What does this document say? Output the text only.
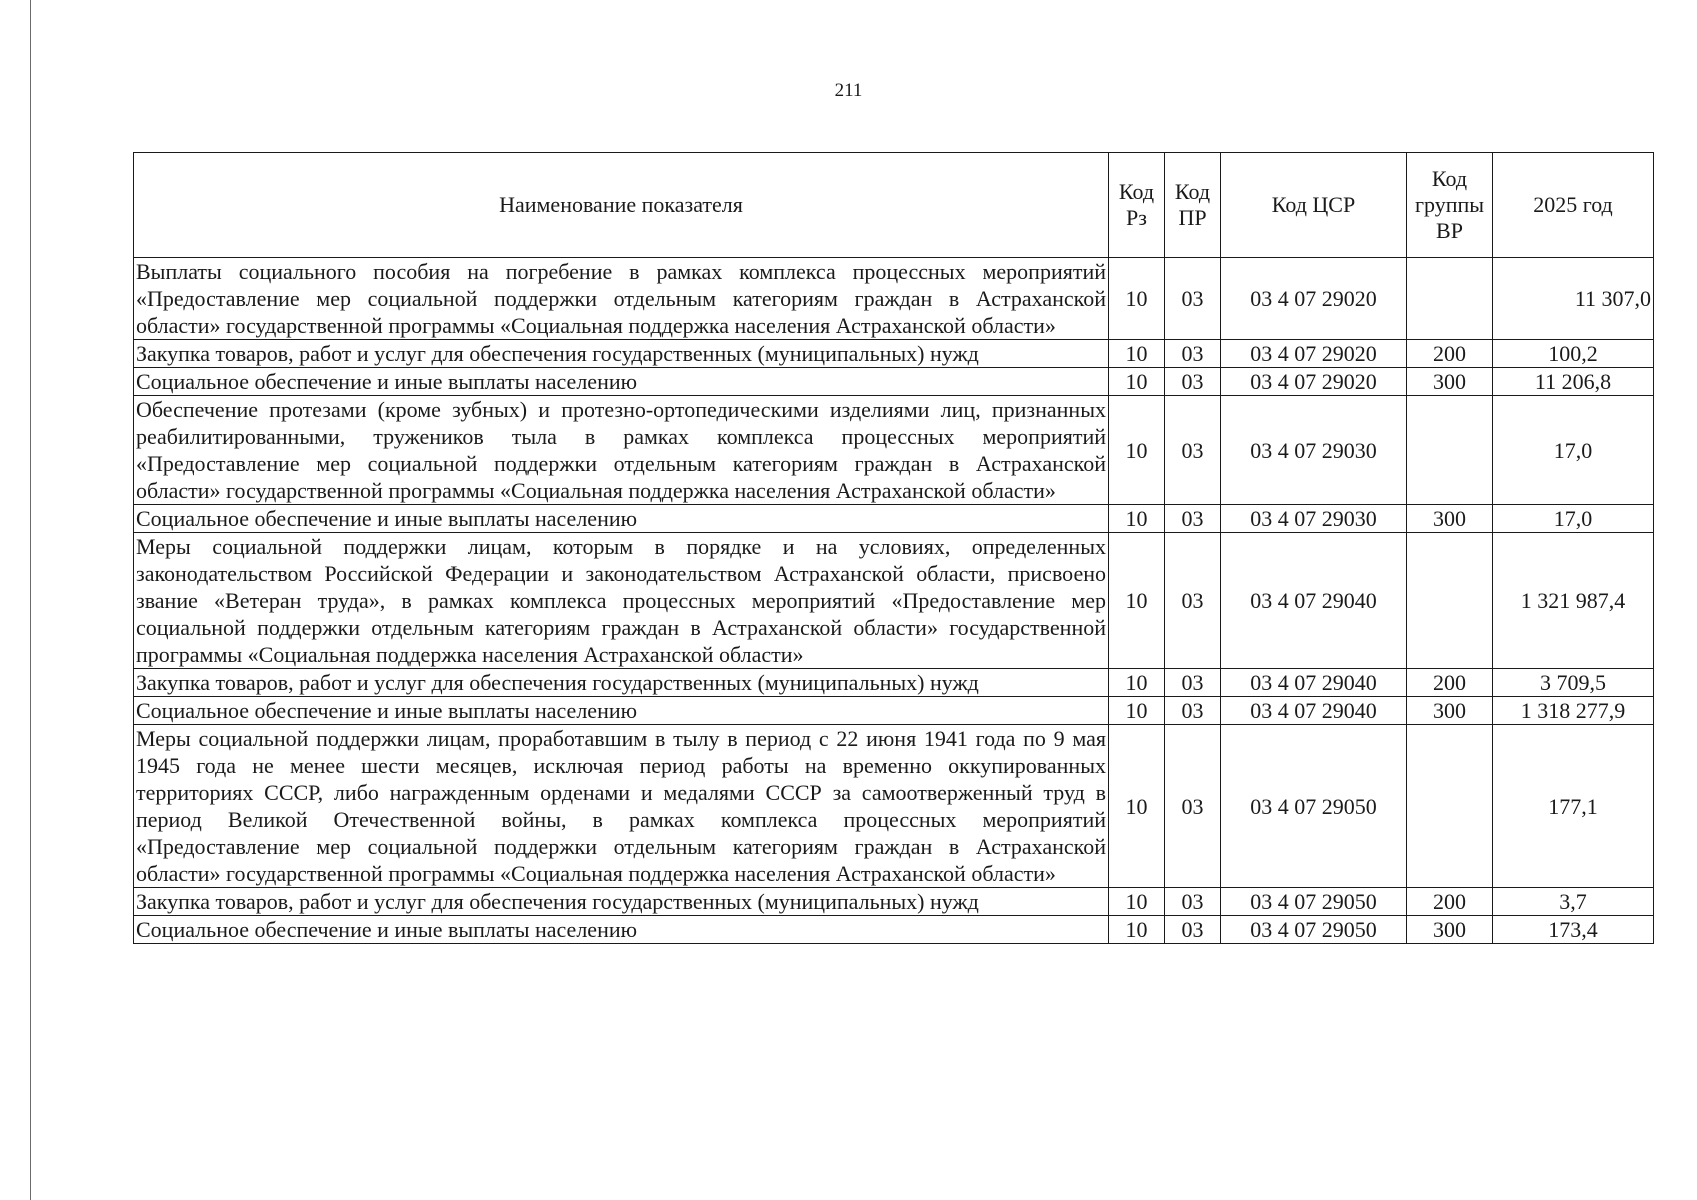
211
Наименование показателя	Код Рз	Код ПР	Код ЦСР	Код группы ВР	2025 год
Выплаты социального пособия на погребение в рамках комплекса процессных мероприятий «Предоставление мер социальной поддержки отдельным категориям граждан в Астраханской области» государственной программы «Социальная поддержка населения Астраханской области»	10	03	03 4 07 29020		11 307,0
Закупка товаров, работ и услуг для обеспечения государственных (муниципальных) нужд	10	03	03 4 07 29020	200	100,2
Социальное обеспечение и иные выплаты населению	10	03	03 4 07 29020	300	11 206,8
Обеспечение протезами (кроме зубных) и протезно-ортопедическими изделиями лиц, признанных реабилитированными, тружеников тыла в рамках комплекса процессных мероприятий «Предоставление мер социальной поддержки отдельным категориям граждан в Астраханской области» государственной программы «Социальная поддержка населения Астраханской области»	10	03	03 4 07 29030		17,0
Социальное обеспечение и иные выплаты населению	10	03	03 4 07 29030	300	17,0
Меры социальной поддержки лицам, которым в порядке и на условиях, определенных законодательством Российской Федерации и законодательством Астраханской области, присвоено звание «Ветеран труда», в рамках комплекса процессных мероприятий «Предоставление мер социальной поддержки отдельным категориям граждан в Астраханской области» государственной программы «Социальная поддержка населения Астраханской области»	10	03	03 4 07 29040		1 321 987,4
Закупка товаров, работ и услуг для обеспечения государственных (муниципальных) нужд	10	03	03 4 07 29040	200	3 709,5
Социальное обеспечение и иные выплаты населению	10	03	03 4 07 29040	300	1 318 277,9
Меры социальной поддержки лицам, проработавшим в тылу в период с 22 июня 1941 года по 9 мая 1945 года не менее шести месяцев, исключая период работы на временно оккупированных территориях СССР, либо награжденным орденами и медалями СССР за самоотверженный труд в период Великой Отечественной войны, в рамках комплекса процессных мероприятий «Предоставление мер социальной поддержки отдельным категориям граждан в Астраханской области» государственной программы «Социальная поддержка населения Астраханской области»	10	03	03 4 07 29050		177,1
Закупка товаров, работ и услуг для обеспечения государственных (муниципальных) нужд	10	03	03 4 07 29050	200	3,7
Социальное обеспечение и иные выплаты населению	10	03	03 4 07 29050	300	173,4
